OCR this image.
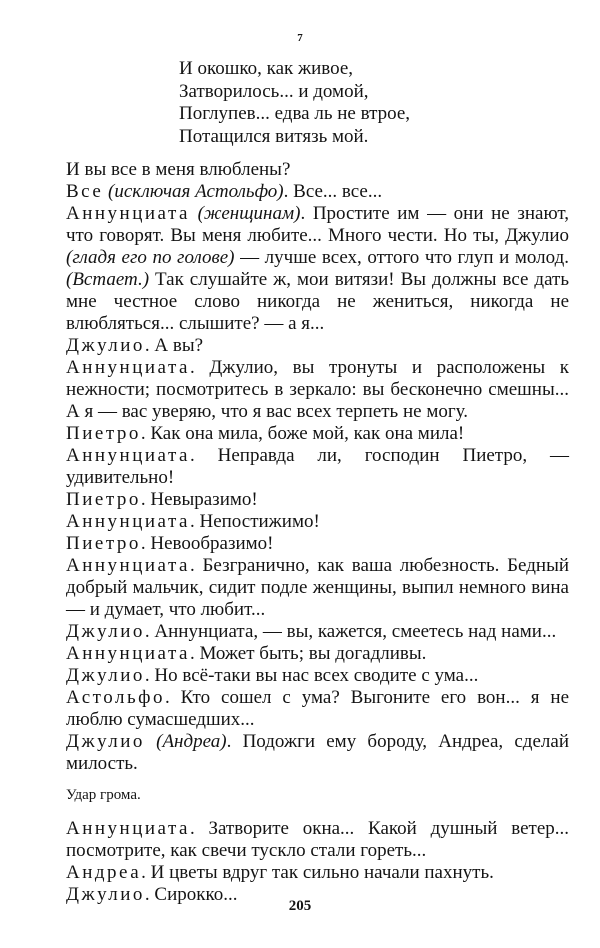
7
И окошко, как живое,
Затворилось... и домой,
Поглупев... едва ль не втрое,
Потащился витязь мой.

И вы все в меня влюблены?

Все (исключая Астольфо). Все... все...

Аннунциата (женщинам). Простите им — они не знают, что говорят. Вы меня любите... Много чести. Но ты, Джулио (гладя его по голове) — лучше всех, оттого что глуп и молод. (Встает.) Так слушайте ж, мои витязи! Вы должны все дать мне честное слово никогда не жениться, никогда не влюбляться... слышите? — а я...

Джулио. А вы?

Аннунциата. Джулио, вы тронуты и расположены к нежности; посмотритесь в зеркало: вы бесконечно смешны... А я — вас уверяю, что я вас всех терпеть не могу.

Пиетро. Как она мила, боже мой, как она мила!

Аннунциата. Неправда ли, господин Пиетро, — удивительно!

Пиетро. Невыразимо!

Аннунциата. Непостижимо!

Пиетро. Невообразимо!

Аннунциата. Безгранично, как ваша любезность. Бедный добрый мальчик, сидит подле женщины, выпил немного вина — и думает, что любит...

Джулио. Аннунциата, — вы, кажется, смеетесь над нами...

Аннунциата. Может быть; вы догадливы.

Джулио. Но всё-таки вы нас всех сводите с ума...

Астольфо. Кто сошел с ума? Выгоните его вон... я не люблю сумасшедших...

Джулио (Андреа). Подожги ему бороду, Андреа, сделай милость.

Удар грома.

Аннунциата. Затворите окна... Какой душный ветер... посмотрите, как свечи тускло стали гореть...

Андреа. И цветы вдруг так сильно начали пахнуть.

Джулио. Сирокко...

205
